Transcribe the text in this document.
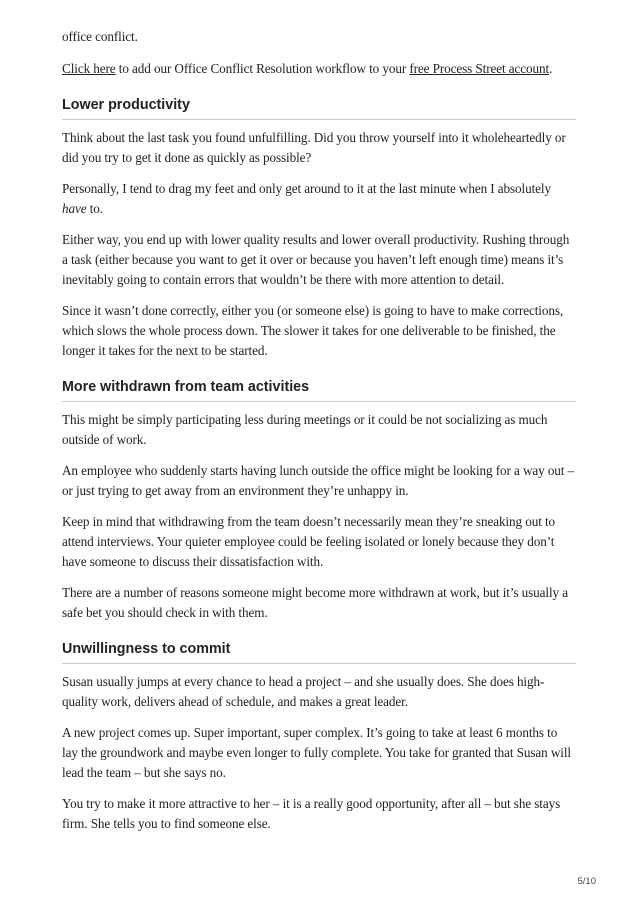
office conflict.

Click here to add our Office Conflict Resolution workflow to your free Process Street account.

Lower productivity

Think about the last task you found unfulfilling. Did you throw yourself into it wholeheartedly or did you try to get it done as quickly as possible?

Personally, I tend to drag my feet and only get around to it at the last minute when I absolutely have to.

Either way, you end up with lower quality results and lower overall productivity. Rushing through a task (either because you want to get it over or because you haven’t left enough time) means it’s inevitably going to contain errors that wouldn’t be there with more attention to detail.

Since it wasn’t done correctly, either you (or someone else) is going to have to make corrections, which slows the whole process down. The slower it takes for one deliverable to be finished, the longer it takes for the next to be started.

More withdrawn from team activities

This might be simply participating less during meetings or it could be not socializing as much outside of work.

An employee who suddenly starts having lunch outside the office might be looking for a way out – or just trying to get away from an environment they’re unhappy in.

Keep in mind that withdrawing from the team doesn’t necessarily mean they’re sneaking out to attend interviews. Your quieter employee could be feeling isolated or lonely because they don’t have someone to discuss their dissatisfaction with.

There are a number of reasons someone might become more withdrawn at work, but it’s usually a safe bet you should check in with them.

Unwillingness to commit

Susan usually jumps at every chance to head a project – and she usually does. She does high-quality work, delivers ahead of schedule, and makes a great leader.

A new project comes up. Super important, super complex. It’s going to take at least 6 months to lay the groundwork and maybe even longer to fully complete. You take for granted that Susan will lead the team – but she says no.

You try to make it more attractive to her – it is a really good opportunity, after all – but she stays firm. She tells you to find someone else.

5/10
